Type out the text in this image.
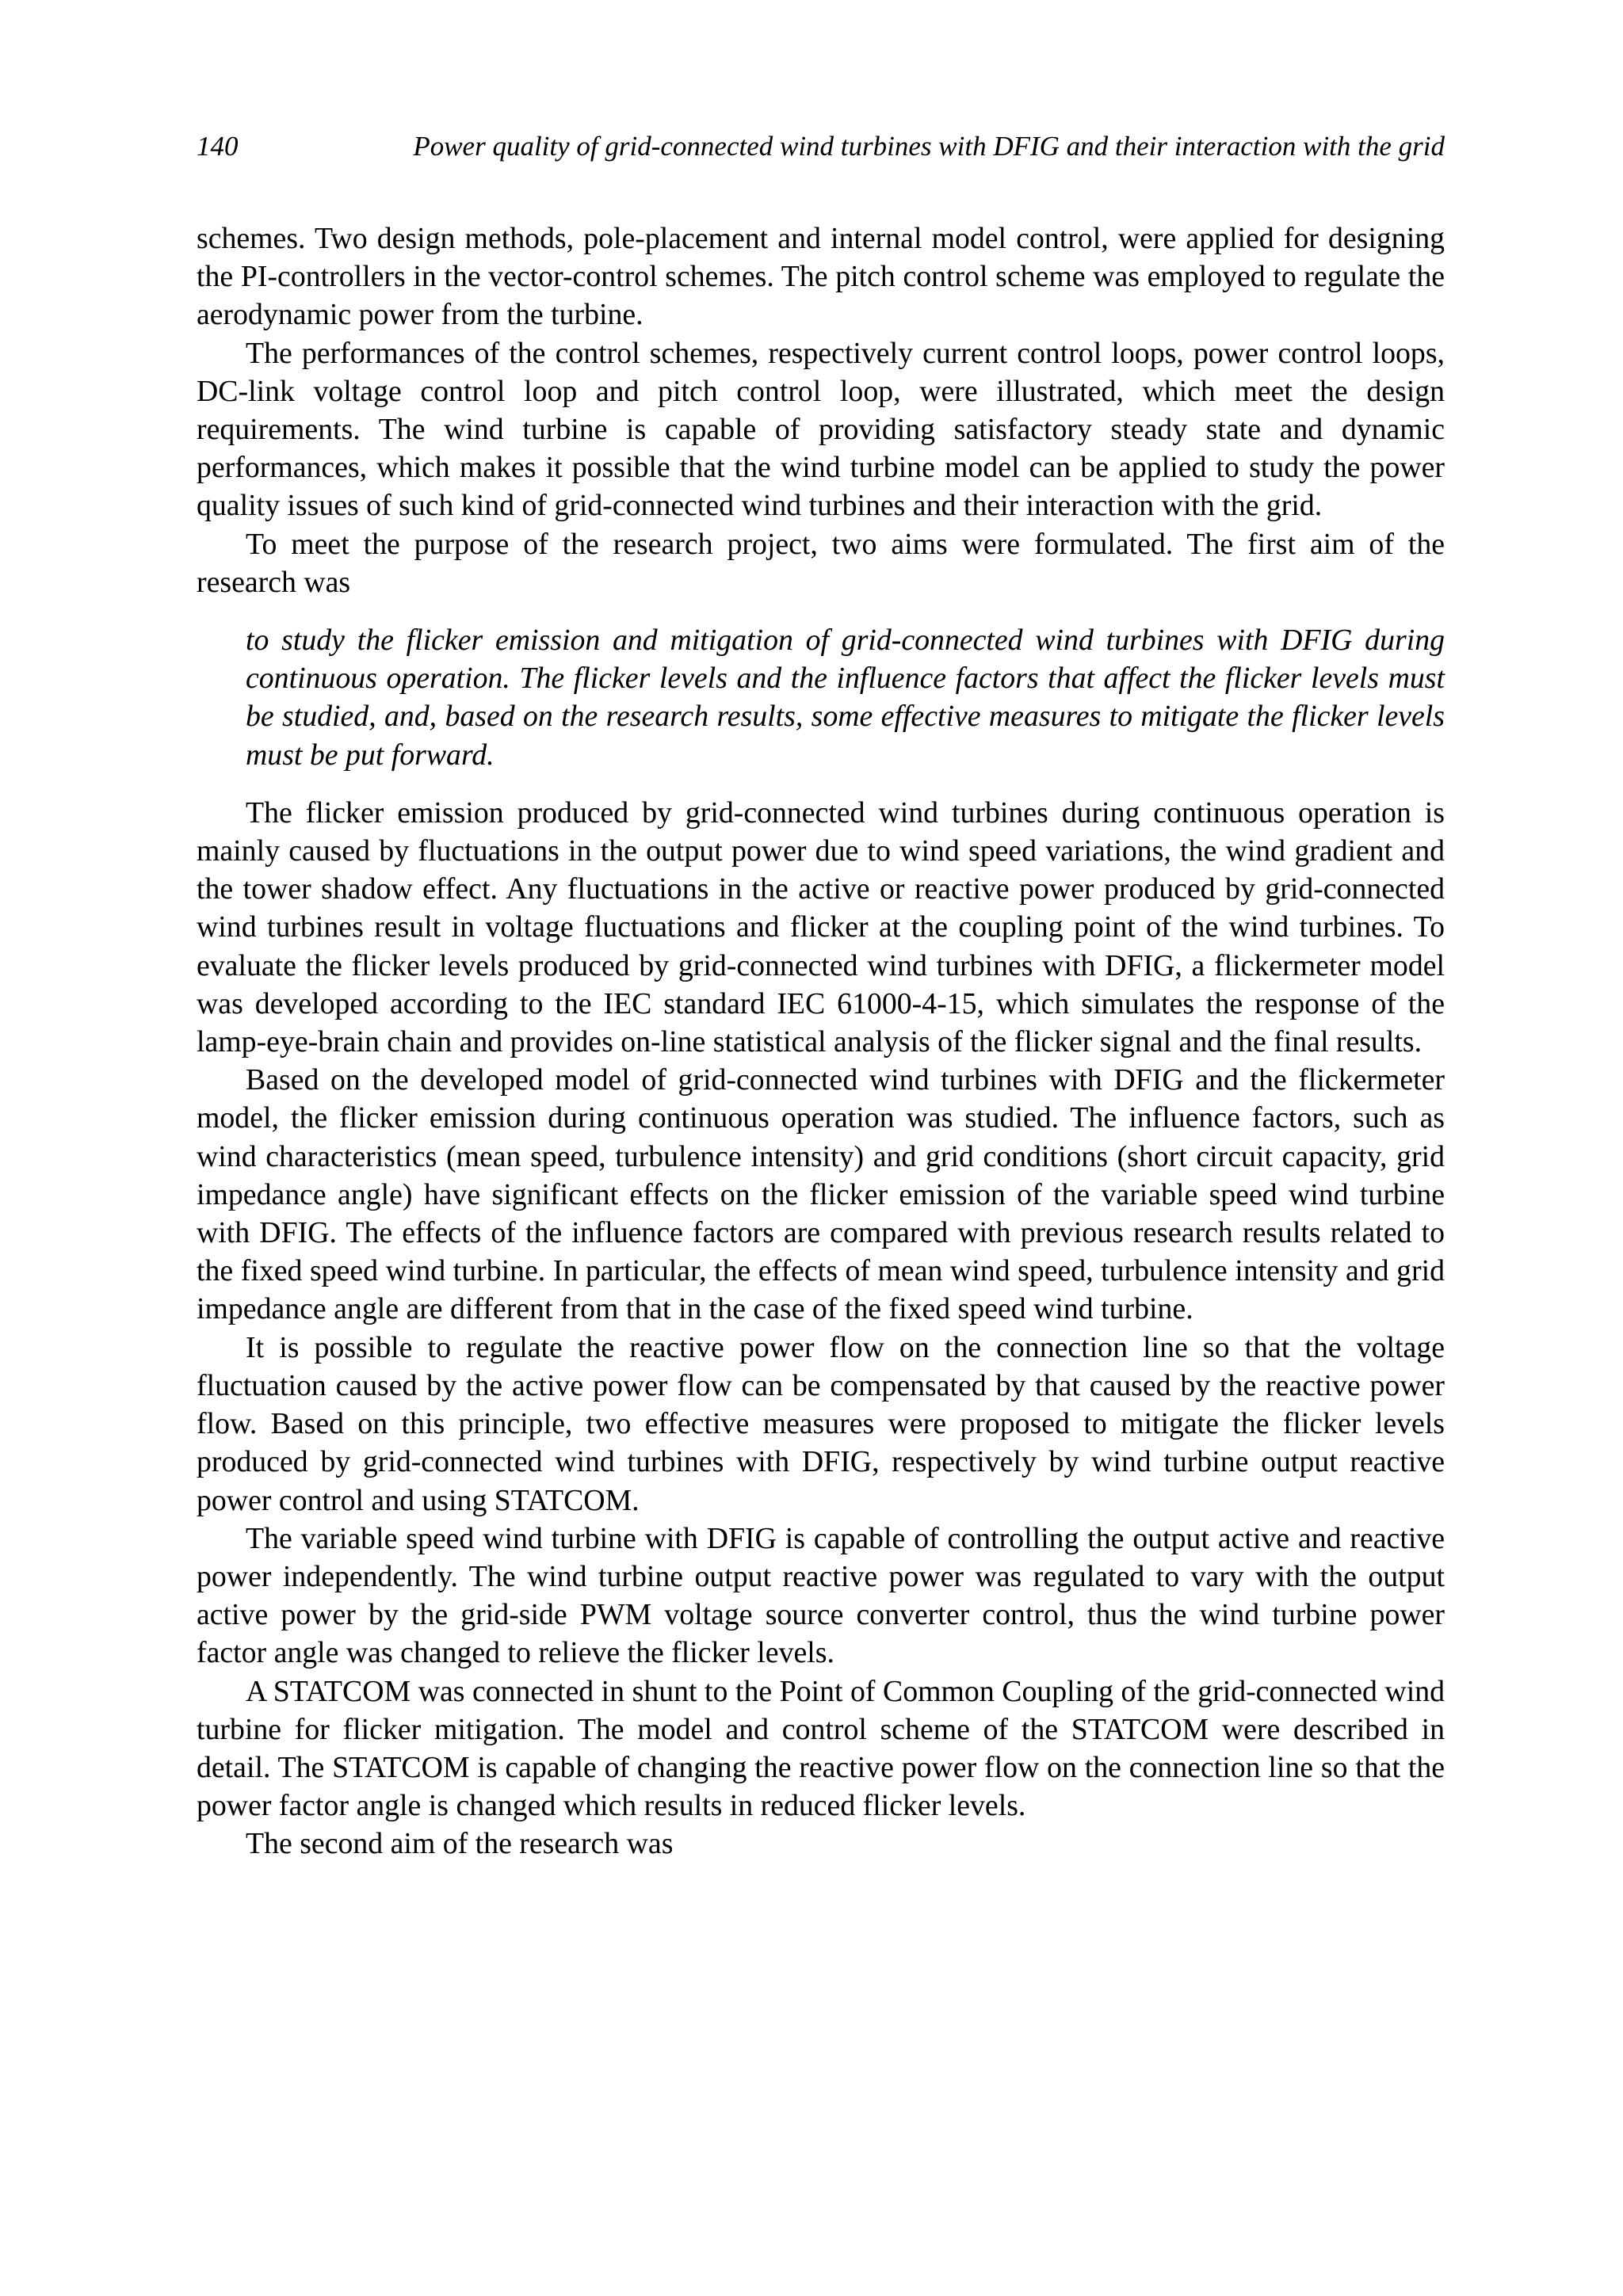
140	Power quality of grid-connected wind turbines with DFIG and their interaction with the grid

schemes. Two design methods, pole-placement and internal model control, were applied for designing the PI-controllers in the vector-control schemes. The pitch control scheme was employed to regulate the aerodynamic power from the turbine.

The performances of the control schemes, respectively current control loops, power control loops, DC-link voltage control loop and pitch control loop, were illustrated, which meet the design requirements. The wind turbine is capable of providing satisfactory steady state and dynamic performances, which makes it possible that the wind turbine model can be applied to study the power quality issues of such kind of grid-connected wind turbines and their interaction with the grid.

To meet the purpose of the research project, two aims were formulated. The first aim of the research was

to study the flicker emission and mitigation of grid-connected wind turbines with DFIG during continuous operation. The flicker levels and the influence factors that affect the flicker levels must be studied, and, based on the research results, some effective measures to mitigate the flicker levels must be put forward.

The flicker emission produced by grid-connected wind turbines during continuous operation is mainly caused by fluctuations in the output power due to wind speed variations, the wind gradient and the tower shadow effect. Any fluctuations in the active or reactive power produced by grid-connected wind turbines result in voltage fluctuations and flicker at the coupling point of the wind turbines. To evaluate the flicker levels produced by grid-connected wind turbines with DFIG, a flickermeter model was developed according to the IEC standard IEC 61000-4-15, which simulates the response of the lamp-eye-brain chain and provides on-line statistical analysis of the flicker signal and the final results.

Based on the developed model of grid-connected wind turbines with DFIG and the flickermeter model, the flicker emission during continuous operation was studied. The influence factors, such as wind characteristics (mean speed, turbulence intensity) and grid conditions (short circuit capacity, grid impedance angle) have significant effects on the flicker emission of the variable speed wind turbine with DFIG. The effects of the influence factors are compared with previous research results related to the fixed speed wind turbine. In particular, the effects of mean wind speed, turbulence intensity and grid impedance angle are different from that in the case of the fixed speed wind turbine.

It is possible to regulate the reactive power flow on the connection line so that the voltage fluctuation caused by the active power flow can be compensated by that caused by the reactive power flow. Based on this principle, two effective measures were proposed to mitigate the flicker levels produced by grid-connected wind turbines with DFIG, respectively by wind turbine output reactive power control and using STATCOM.

The variable speed wind turbine with DFIG is capable of controlling the output active and reactive power independently. The wind turbine output reactive power was regulated to vary with the output active power by the grid-side PWM voltage source converter control, thus the wind turbine power factor angle was changed to relieve the flicker levels.

A STATCOM was connected in shunt to the Point of Common Coupling of the grid-connected wind turbine for flicker mitigation. The model and control scheme of the STATCOM were described in detail. The STATCOM is capable of changing the reactive power flow on the connection line so that the power factor angle is changed which results in reduced flicker levels.

The second aim of the research was
